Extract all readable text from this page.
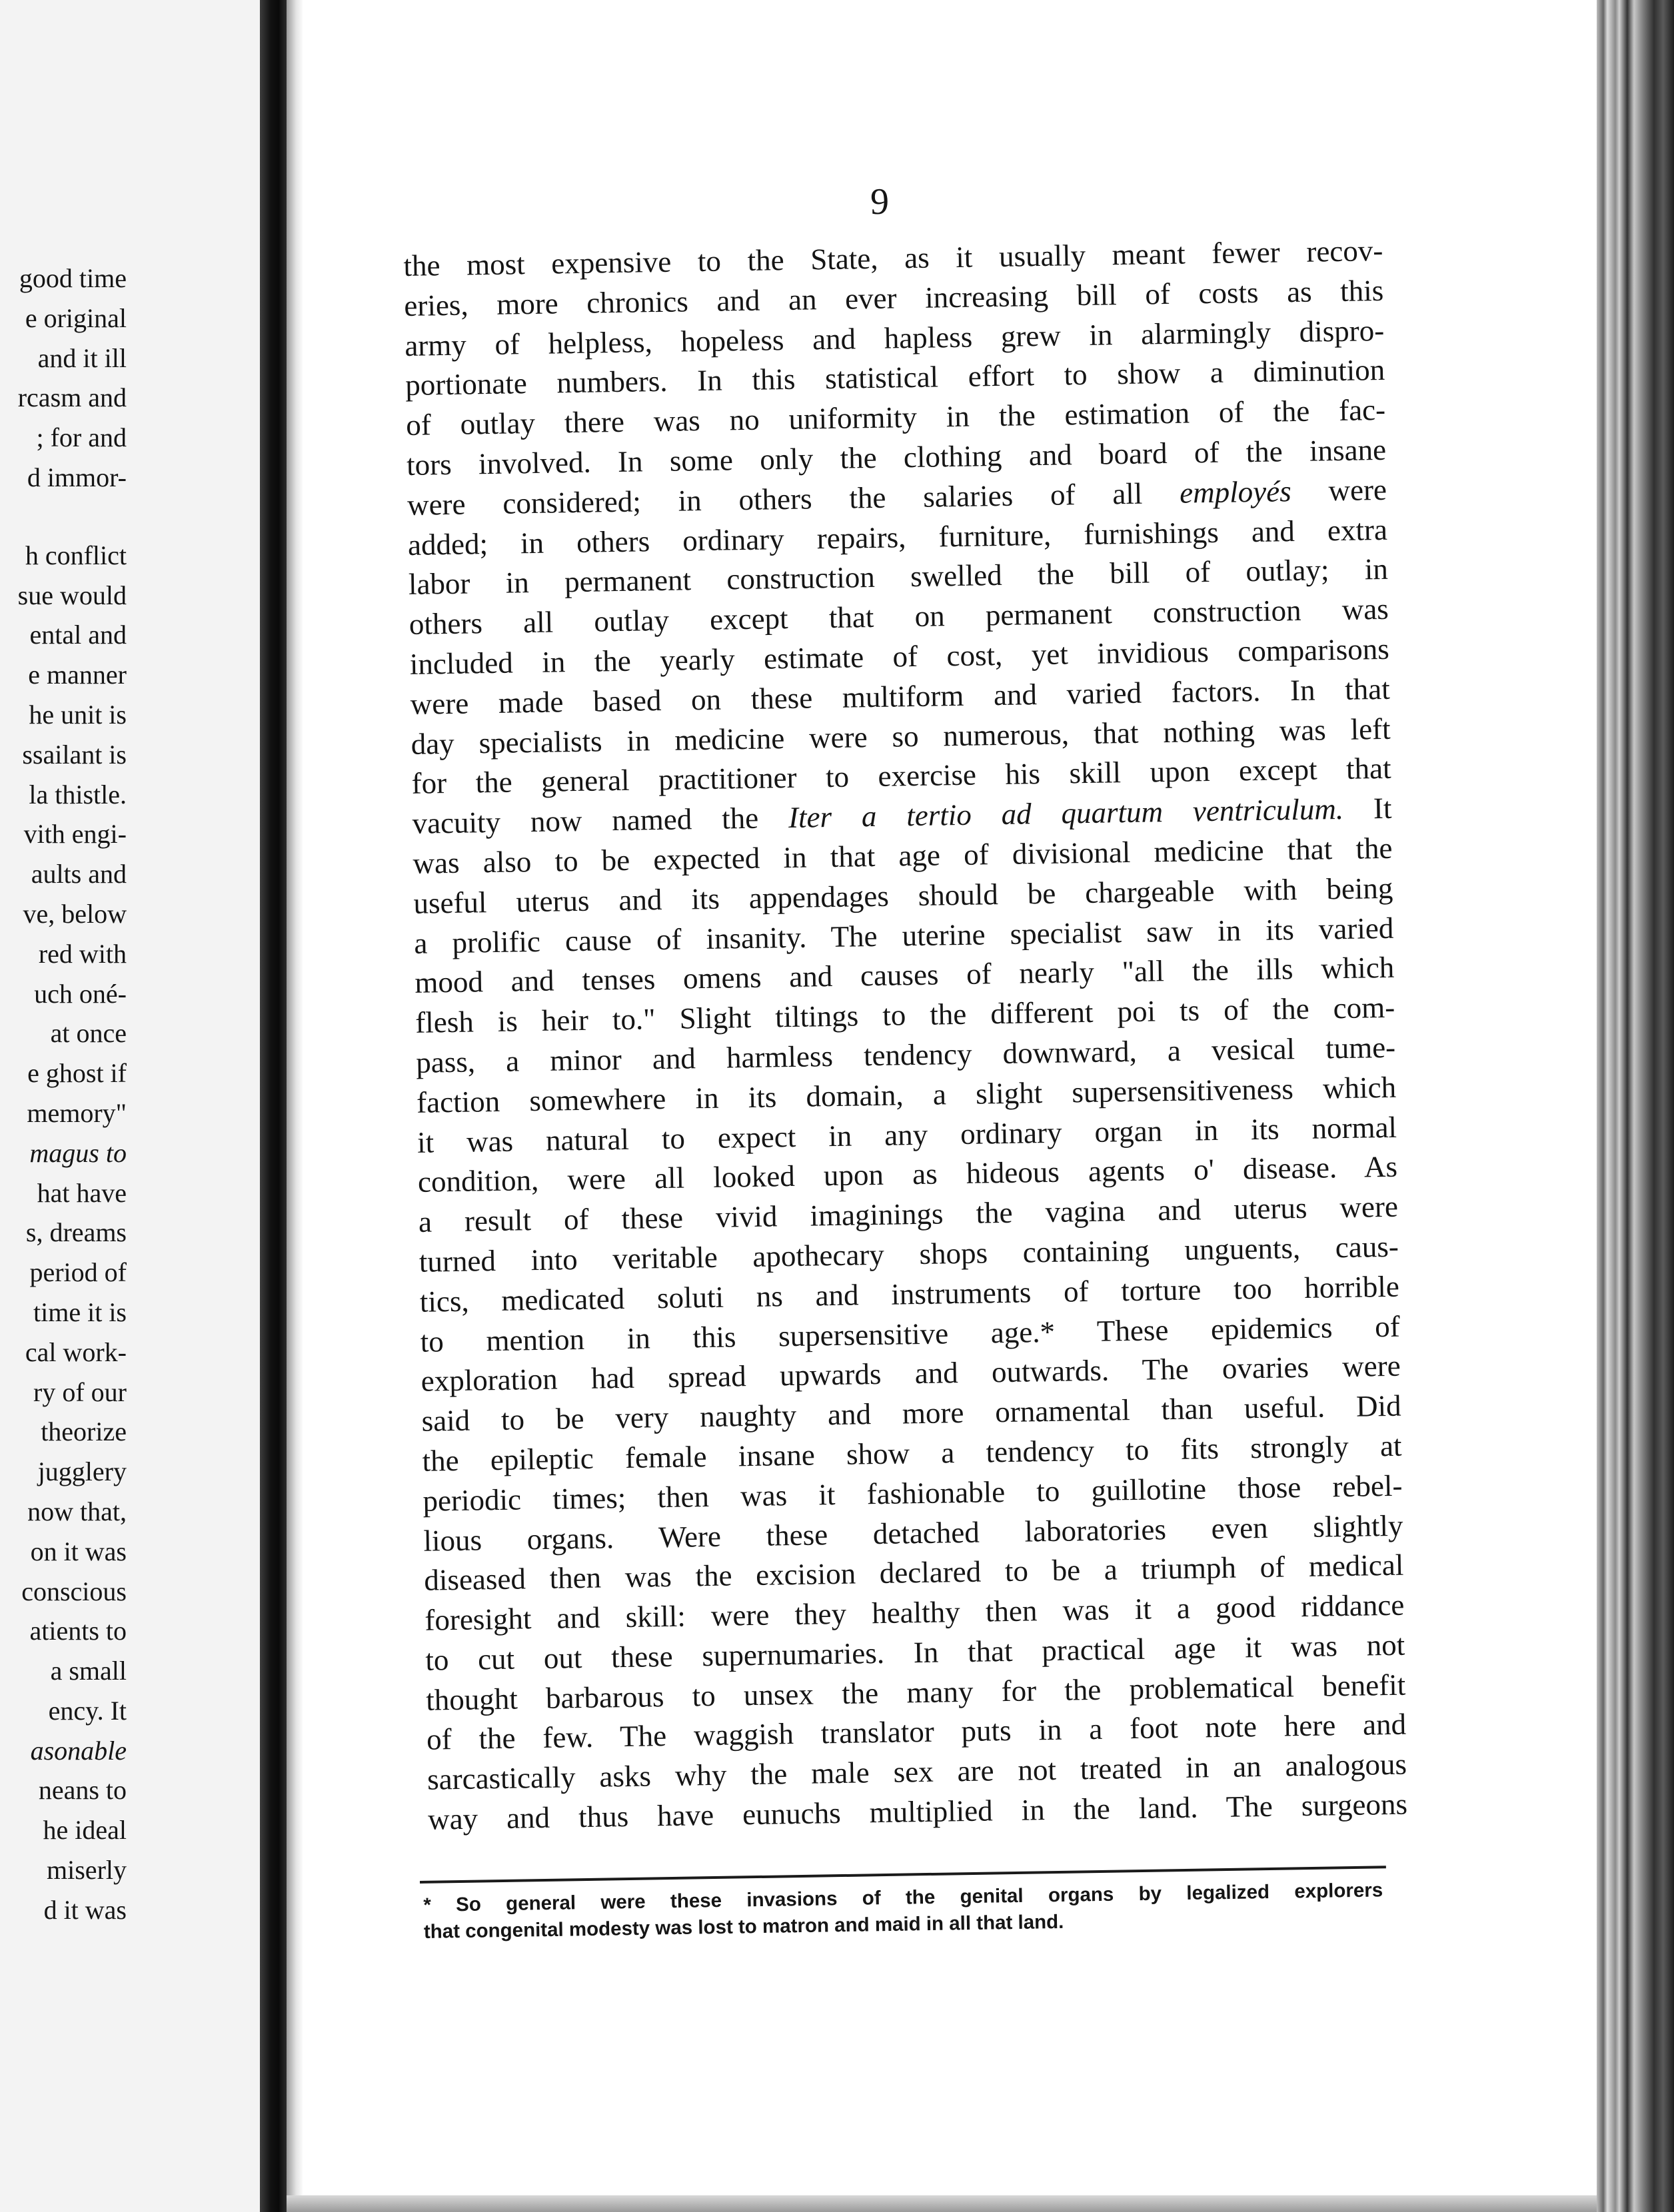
good time
e original
and it ill
rcasm and
; for and
d immor-
h conflict
sue would
ental and
e manner
he unit is
ssailant is
la thistle.
vith engi-
aults and
ve, below
red with
uch oné-
at once
e ghost if
memory"
magus to
hat have
s, dreams
period of
time it is
cal work-
ry of our
theorize
jugglery
now that,
on it was
conscious
atients to
a small
ency. It
asonable
neans to
he ideal
miserly
d it was
9
the most expensive to the State, as it usually meant fewer recov-
eries, more chronics and an ever increasing bill of costs as this
army of helpless, hopeless and hapless grew in alarmingly dispro-
portionate numbers. In this statistical effort to show a diminution
of outlay there was no uniformity in the estimation of the fac-
tors involved. In some only the clothing and board of the insane
were considered; in others the salaries of all employés were
added; in others ordinary repairs, furniture, furnishings and extra
labor in permanent construction swelled the bill of outlay; in
others all outlay except that on permanent construction was
included in the yearly estimate of cost, yet invidious comparisons
were made based on these multiform and varied factors. In that
day specialists in medicine were so numerous, that nothing was left
for the general practitioner to exercise his skill upon except that
vacuity now named the Iter a tertio ad quartum ventriculum. It
was also to be expected in that age of divisional medicine that the
useful uterus and its appendages should be chargeable with being
a prolific cause of insanity. The uterine specialist saw in its varied
mood and tenses omens and causes of nearly "all the ills which
flesh is heir to." Slight tiltings to the different poi ts of the com-
pass, a minor and harmless tendency downward, a vesical tume-
faction somewhere in its domain, a slight supersensitiveness which
it was natural to expect in any ordinary organ in its normal
condition, were all looked upon as hideous agents o' disease. As
a result of these vivid imaginings the vagina and uterus were
turned into veritable apothecary shops containing unguents, caus-
tics, medicated soluti ns and instruments of torture too horrible
to mention in this supersensitive age.* These epidemics of
exploration had spread upwards and outwards. The ovaries were
said to be very naughty and more ornamental than useful. Did
the epileptic female insane show a tendency to fits strongly at
periodic times; then was it fashionable to guillotine those rebel-
lious organs. Were these detached laboratories even slightly
diseased then was the excision declared to be a triumph of medical
foresight and skill: were they healthy then was it a good riddance
to cut out these supernumaries. In that practical age it was not
thought barbarous to unsex the many for the problematical benefit
of the few. The waggish translator puts in a foot note here and
sarcastically asks why the male sex are not treated in an analogous
way and thus have eunuchs multiplied in the land. The surgeons
* So general were these invasions of the genital organs by legalized explorers
that congenital modesty was lost to matron and maid in all that land.
